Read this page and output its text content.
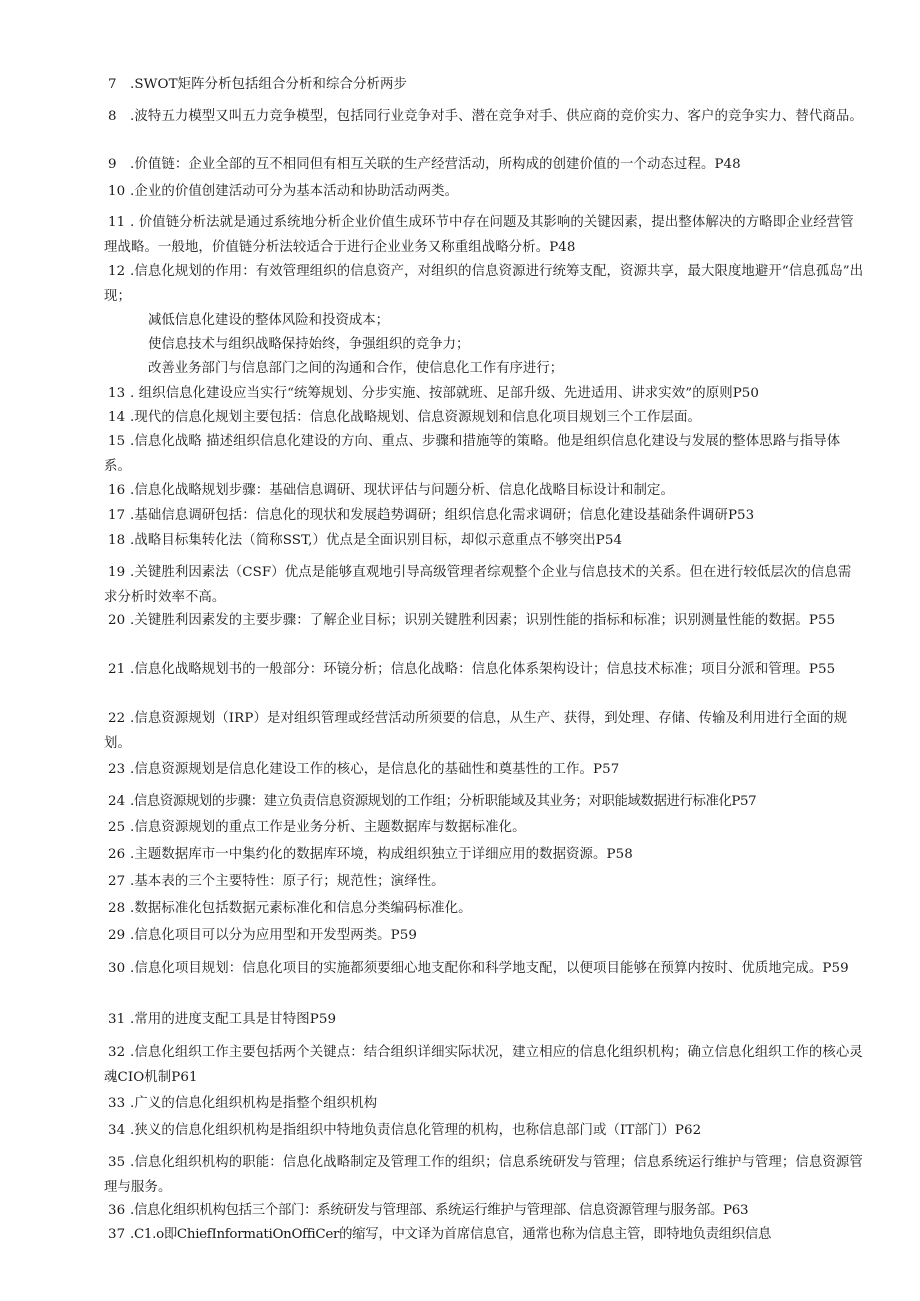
7 .SWOT矩阵分析包括组合分析和综合分析两步
8 .波特五力模型又叫五力竞争模型，包括同行业竞争对手、潜在竞争对手、供应商的竞价实力、客户的竞争实力、替代商品。
9 .价值链：企业全部的互不相同但有相互关联的生产经营活动，所构成的创建价值的一个动态过程。P48
10 .企业的价值创建活动可分为基本活动和协助活动两类。
11 . 价值链分析法就是通过系统地分析企业价值生成环节中存在问题及其影响的关键因素，提出整体解决的方略即企业经营管理战略。一般地，价值链分析法较适合于进行企业业务又称重组战略分析。P48
12 .信息化规划的作用：有效管理组织的信息资产，对组织的信息资源进行统筹支配，资源共享，最大限度地避开“信息孤岛”出现；
减低信息化建设的整体风险和投资成本；
使信息技术与组织战略保持始终，争强组织的竞争力；
改善业务部门与信息部门之间的沟通和合作，使信息化工作有序进行；
13 . 组织信息化建设应当实行“统筹规划、分步实施、按部就班、足部升级、先进适用、讲求实效”的原则P50
14 .现代的信息化规划主要包括：信息化战略规划、信息资源规划和信息化项目规划三个工作层面。
15 .信息化战略 描述组织信息化建设的方向、重点、步骤和措施等的策略。他是组织信息化建设与发展的整体思路与指导体系。
16 .信息化战略规划步骤：基础信息调研、现状评估与问题分析、信息化战略目标设计和制定。
17 .基础信息调研包括：信息化的现状和发展趋势调研；组织信息化需求调研；信息化建设基础条件调研P53
18 .战略目标集转化法（简称SST,）优点是全面识别目标，却似示意重点不够突出P54
19 .关键胜利因素法（CSF）优点是能够直观地引导高级管理者综观整个企业与信息技术的关系。但在进行较低层次的信息需求分析时效率不高。
20 .关键胜利因素发的主要步骤：了解企业目标；识别关键胜利因素；识别性能的指标和标准；识别测量性能的数据。P55
21 .信息化战略规划书的一般部分：环镜分析；信息化战略：信息化体系架构设计；信息技术标准；项目分派和管理。P55
22 .信息资源规划（IRP）是对组织管理或经营活动所须要的信息，从生产、获得，到处理、存储、传输及利用进行全面的规划。
23 .信息资源规划是信息化建设工作的核心，是信息化的基础性和奠基性的工作。P57
24 .信息资源规划的步骤：建立负责信息资源规划的工作组；分析职能域及其业务；对职能域数据进行标准化P57
25 .信息资源规划的重点工作是业务分析、主题数据库与数据标准化。
26 .主题数据库市一中集约化的数据库环境，构成组织独立于详细应用的数据资源。P58
27 .基本表的三个主要特性：原子行；规范性；演绎性。
28 .数据标准化包括数据元素标准化和信息分类编码标准化。
29 .信息化项目可以分为应用型和开发型两类。P59
30 .信息化项目规划：信息化项目的实施都须要细心地支配你和科学地支配，以便项目能够在预算内按时、优质地完成。P59
31 .常用的进度支配工具是甘特图P59
32 .信息化组织工作主要包括两个关键点：结合组织详细实际状况，建立相应的信息化组织机构；确立信息化组织工作的核心灵魂CIO机制P61
33 .广义的信息化组织机构是指整个组织机构
34 .狭义的信息化组织机构是指组织中特地负责信息化管理的机构，也称信息部门或（IT部门）P62
35 .信息化组织机构的职能：信息化战略制定及管理工作的组织；信息系统研发与管理；信息系统运行维护与管理；信息资源管理与服务。
36 .信息化组织机构包括三个部门：系统研发与管理部、系统运行维护与管理部、信息资源管理与服务部。P63
37 .C1.o即ChiefInformatiOnOffiCer的缩写，中文译为首席信息官，通常也称为信息主管，即特地负责组织信息
